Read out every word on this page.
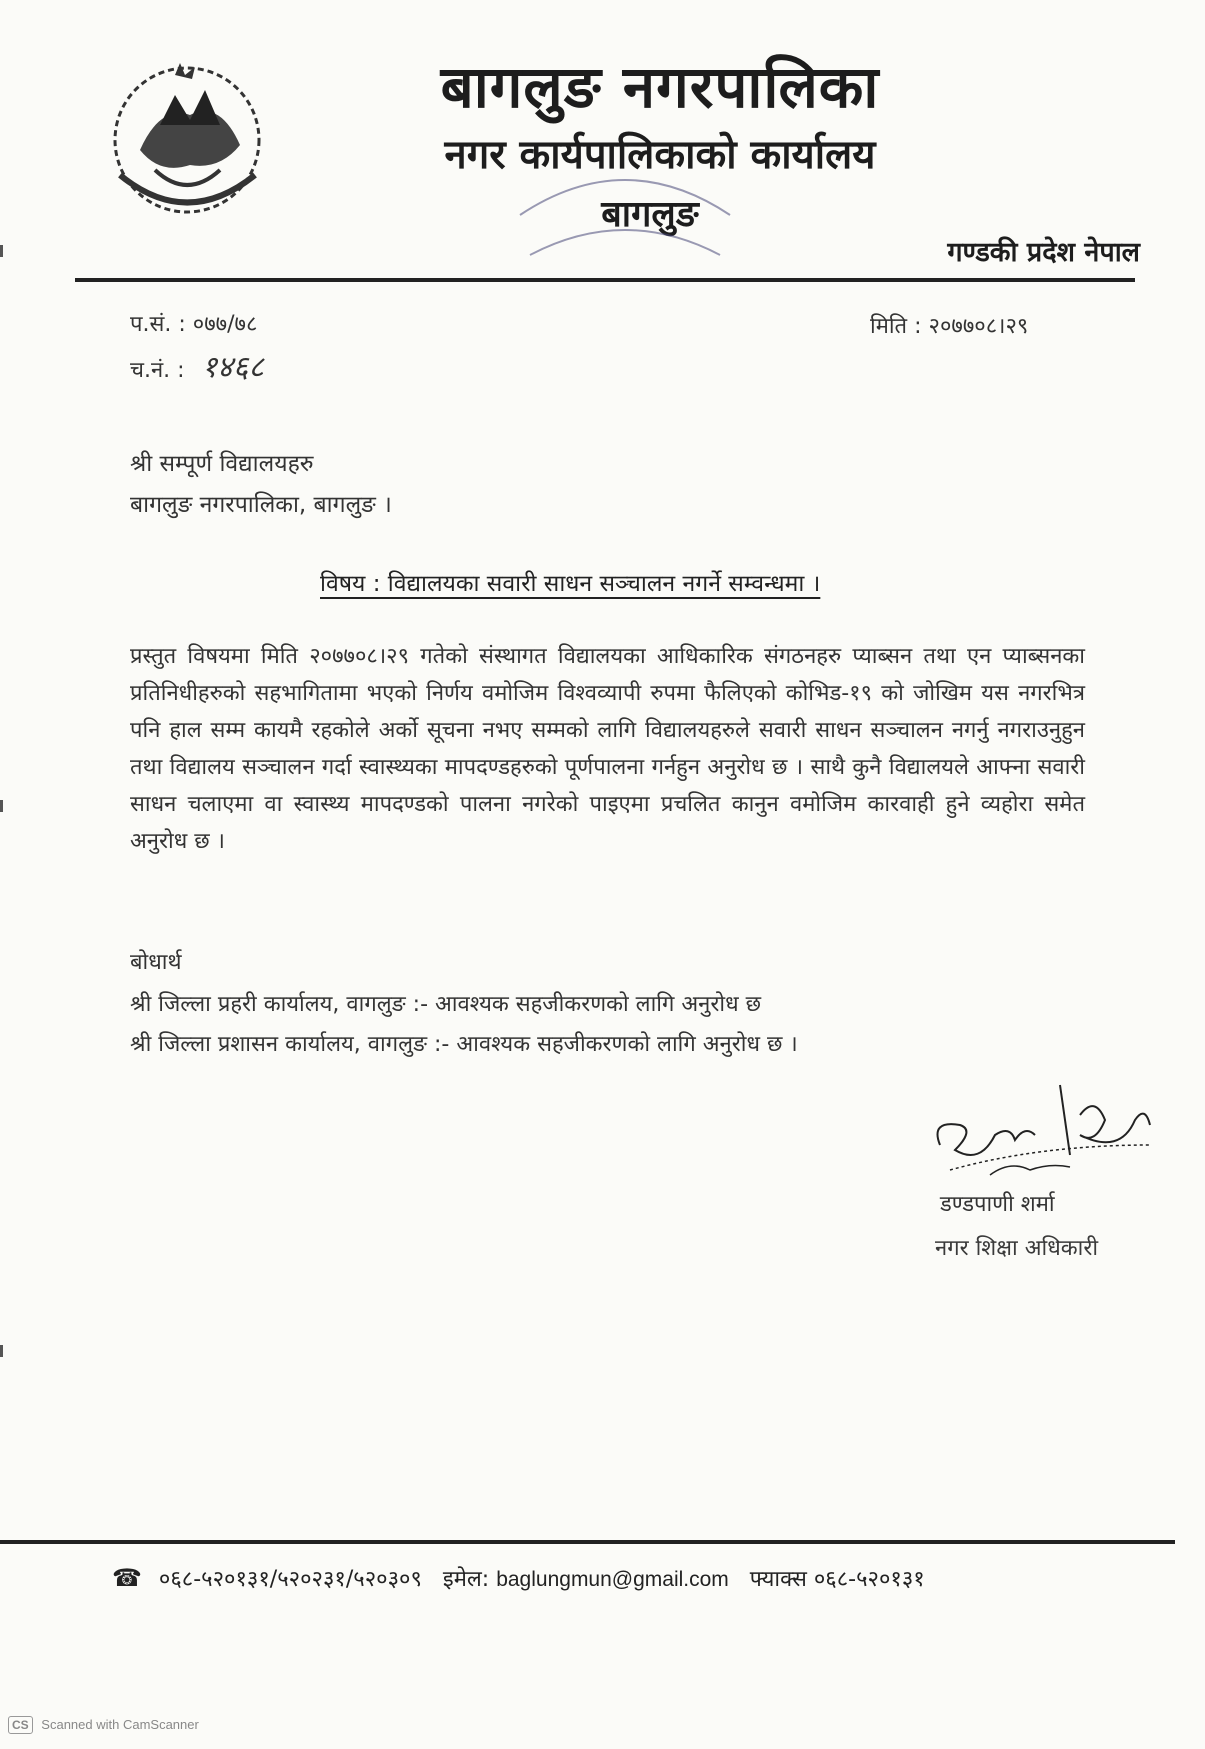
बागलुङ नगरपालिका
नगर कार्यपालिकाको कार्यालय
बागलुङ
गण्डकी प्रदेश नेपाल
प.सं. : ०७७/७८
च.नं. : १४६८
मिति : २०७७०८।२९
श्री सम्पूर्ण विद्यालयहरु
बागलुङ नगरपालिका, बागलुङ ।
विषय : विद्यालयका सवारी साधन सञ्चालन नगर्ने सम्वन्धमा ।
प्रस्तुत विषयमा मिति २०७७०८।२९ गतेको संस्थागत विद्यालयका आधिकारिक संगठनहरु प्याब्सन तथा एन प्याब्सनका प्रतिनिधीहरुको सहभागितामा भएको निर्णय वमोजिम विश्वव्यापी रुपमा फैलिएको कोभिड-१९ को जोखिम यस नगरभित्र पनि हाल सम्म कायमै रहकोले अर्को सूचना नभए सम्मको लागि विद्यालयहरुले सवारी साधन सञ्चालन नगर्नु नगराउनुहुन तथा विद्यालय सञ्चालन गर्दा स्वास्थ्यका मापदण्डहरुको पूर्णपालना गर्नहुन अनुरोध छ । साथै कुनै विद्यालयले आफ्ना सवारी साधन चलाएमा वा स्वास्थ्य मापदण्डको पालना नगरेको पाइएमा प्रचलित कानुन वमोजिम कारवाही हुने व्यहोरा समेत अनुरोध छ ।
बोधार्थ
श्री जिल्ला प्रहरी कार्यालय, वागलुङ :- आवश्यक सहजीकरणको लागि अनुरोध छ
श्री जिल्ला प्रशासन कार्यालय, वागलुङ :- आवश्यक सहजीकरणको लागि अनुरोध छ ।
डण्डपाणी शर्मा
नगर शिक्षा अधिकारी
☎ ०६८-५२०१३१/५२०२३१/५२०३०९ इमेल: baglungmun@gmail.com फ्याक्स ०६८-५२०१३१
CS Scanned with CamScanner
